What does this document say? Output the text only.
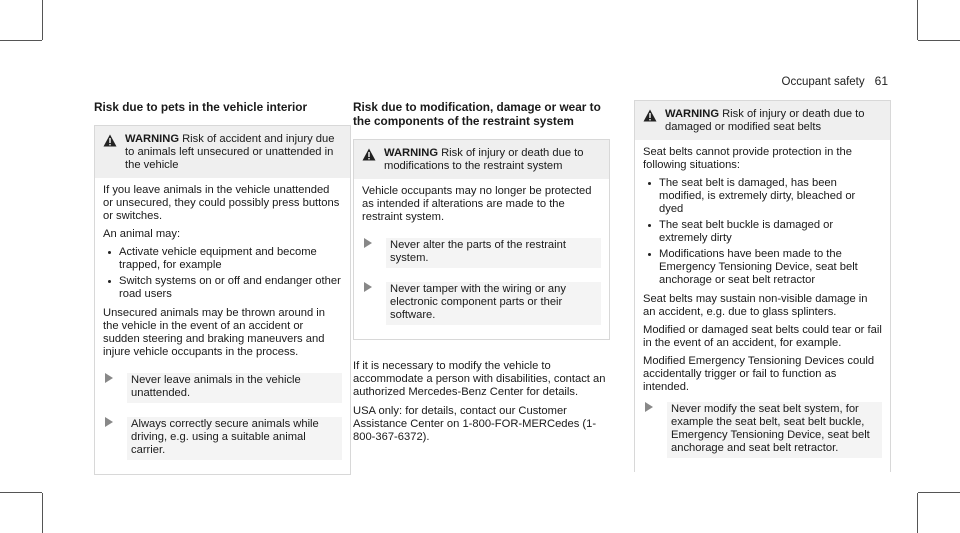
Occupant safety 61
Risk due to pets in the vehicle interior
WARNING Risk of accident and injury due to animals left unsecured or unattended in the vehicle

If you leave animals in the vehicle unattended or unsecured, they could possibly press buttons or switches.

An animal may:

Activate vehicle equipment and become trapped, for example
Switch systems on or off and endanger other road users

Unsecured animals may be thrown around in the vehicle in the event of an accident or sudden steering and braking maneuvers and injure vehicle occupants in the process.

Never leave animals in the vehicle unattended.
Always correctly secure animals while driving, e.g. using a suitable animal carrier.
Risk due to modification, damage or wear to the components of the restraint system
WARNING Risk of injury or death due to modifications to the restraint system

Vehicle occupants may no longer be protected as intended if alterations are made to the restraint system.

Never alter the parts of the restraint system.
Never tamper with the wiring or any electronic component parts or their software.

If it is necessary to modify the vehicle to accommodate a person with disabilities, contact an authorized Mercedes-Benz Center for details.

USA only: for details, contact our Customer Assistance Center on 1-800-FOR-MERCedes (1-800-367-6372).

WARNING Risk of injury or death due to damaged or modified seat belts

Seat belts cannot provide protection in the following situations:

The seat belt is damaged, has been modified, is extremely dirty, bleached or dyed
The seat belt buckle is damaged or extremely dirty
Modifications have been made to the Emergency Tensioning Device, seat belt anchorage or seat belt retractor

Seat belts may sustain non-visible damage in an accident, e.g. due to glass splinters.

Modified or damaged seat belts could tear or fail in the event of an accident, for example.

Modified Emergency Tensioning Devices could accidentally trigger or fail to function as intended.

Never modify the seat belt system, for example the seat belt, seat belt buckle, Emergency Tensioning Device, seat belt anchorage and seat belt retractor.
